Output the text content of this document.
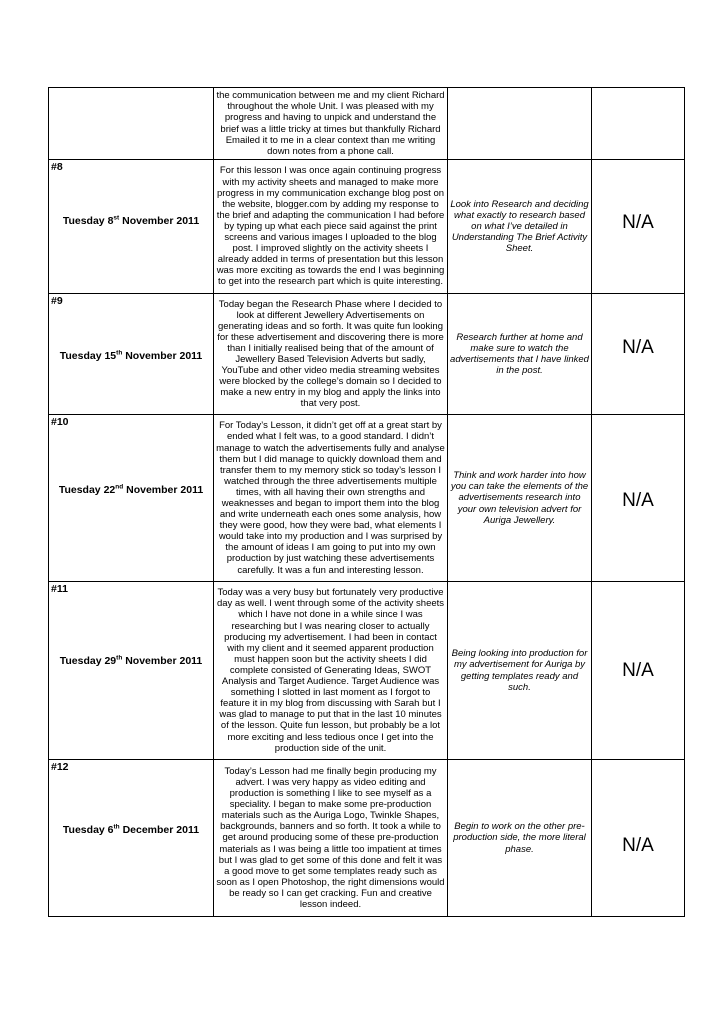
	the communication between me and my client Richard throughout the whole Unit. I was pleased with my progress and having to unpick and understand the brief was a little tricky at times but thankfully Richard Emailed it to me in a clear context than me writing down notes from a phone call.		

#8
Tuesday 8st November 2011	For this lesson I was once again continuing progress with my activity sheets and managed to make more progress in my communication exchange blog post on the website, blogger.com by adding my response to the brief and adapting the communication I had before by typing up what each piece said against the print screens and various images I uploaded to the blog post. I improved slightly on the activity sheets I already added in terms of presentation but this lesson was more exciting as towards the end I was beginning to get into the research part which is quite interesting.	Look into Research and deciding what exactly to research based on what I’ve detailed in Understanding The Brief Activity Sheet.	N/A

#9
Tuesday 15th November 2011	Today began the Research Phase where I decided to look at different Jewellery Advertisements on generating ideas and so forth. It was quite fun looking for these advertisement and discovering there is more than I initially realised being that of the amount of Jewellery Based Television Adverts but sadly, YouTube and other video media streaming websites were blocked by the college’s domain so I decided to make a new entry in my blog and apply the links into that very post.	Research further at home and make sure to watch the advertisements that I have linked in the post.	N/A

#10
Tuesday 22nd November 2011	For Today’s Lesson, it didn’t get off at a great start by ended what I felt was, to a good standard. I didn’t manage to watch the advertisements fully and analyse them but I did manage to quickly download them and transfer them to my memory stick so today’s lesson I watched through the three advertisements multiple times, with all having their own strengths and weaknesses and began to import them into the blog and write underneath each ones some analysis, how they were good, how they were bad, what elements I would take into my production and I was surprised by the amount of ideas I am going to put into my own production by just watching these advertisements carefully. It was a fun and interesting lesson.	Think and work harder into how you can take the elements of the advertisements research into your own television advert for Auriga Jewellery.	N/A

#11
Tuesday 29th November 2011	Today was a very busy but fortunately very productive day as well. I went through some of the activity sheets which I have not done in a while since I was researching but I was nearing closer to actually producing my advertisement. I had been in contact with my client and it seemed apparent production must happen soon but the activity sheets I did complete consisted of Generating Ideas, SWOT Analysis and Target Audience. Target Audience was something I slotted in last moment as I forgot to feature it in my blog from discussing with Sarah but I was glad to manage to put that in the last 10 minutes of the lesson. Quite fun lesson, but probably be a lot more exciting and less tedious once I get into the production side of the unit.	Being looking into production for my advertisement for Auriga by getting templates ready and such.	N/A

#12
Tuesday 6th December 2011	Today’s Lesson had me finally begin producing my advert. I was very happy as video editing and production is something I like to see myself as a speciality. I began to make some pre-production materials such as the Auriga Logo, Twinkle Shapes, backgrounds, banners and so forth. It took a while to get around producing some of these pre-production materials as I was being a little too impatient at times but I was glad to get some of this done and felt it was a good move to get some templates ready such as soon as I open Photoshop, the right dimensions would be ready so I can get cracking. Fun and creative lesson indeed.	Begin to work on the other pre-production side, the more literal phase.	N/A
